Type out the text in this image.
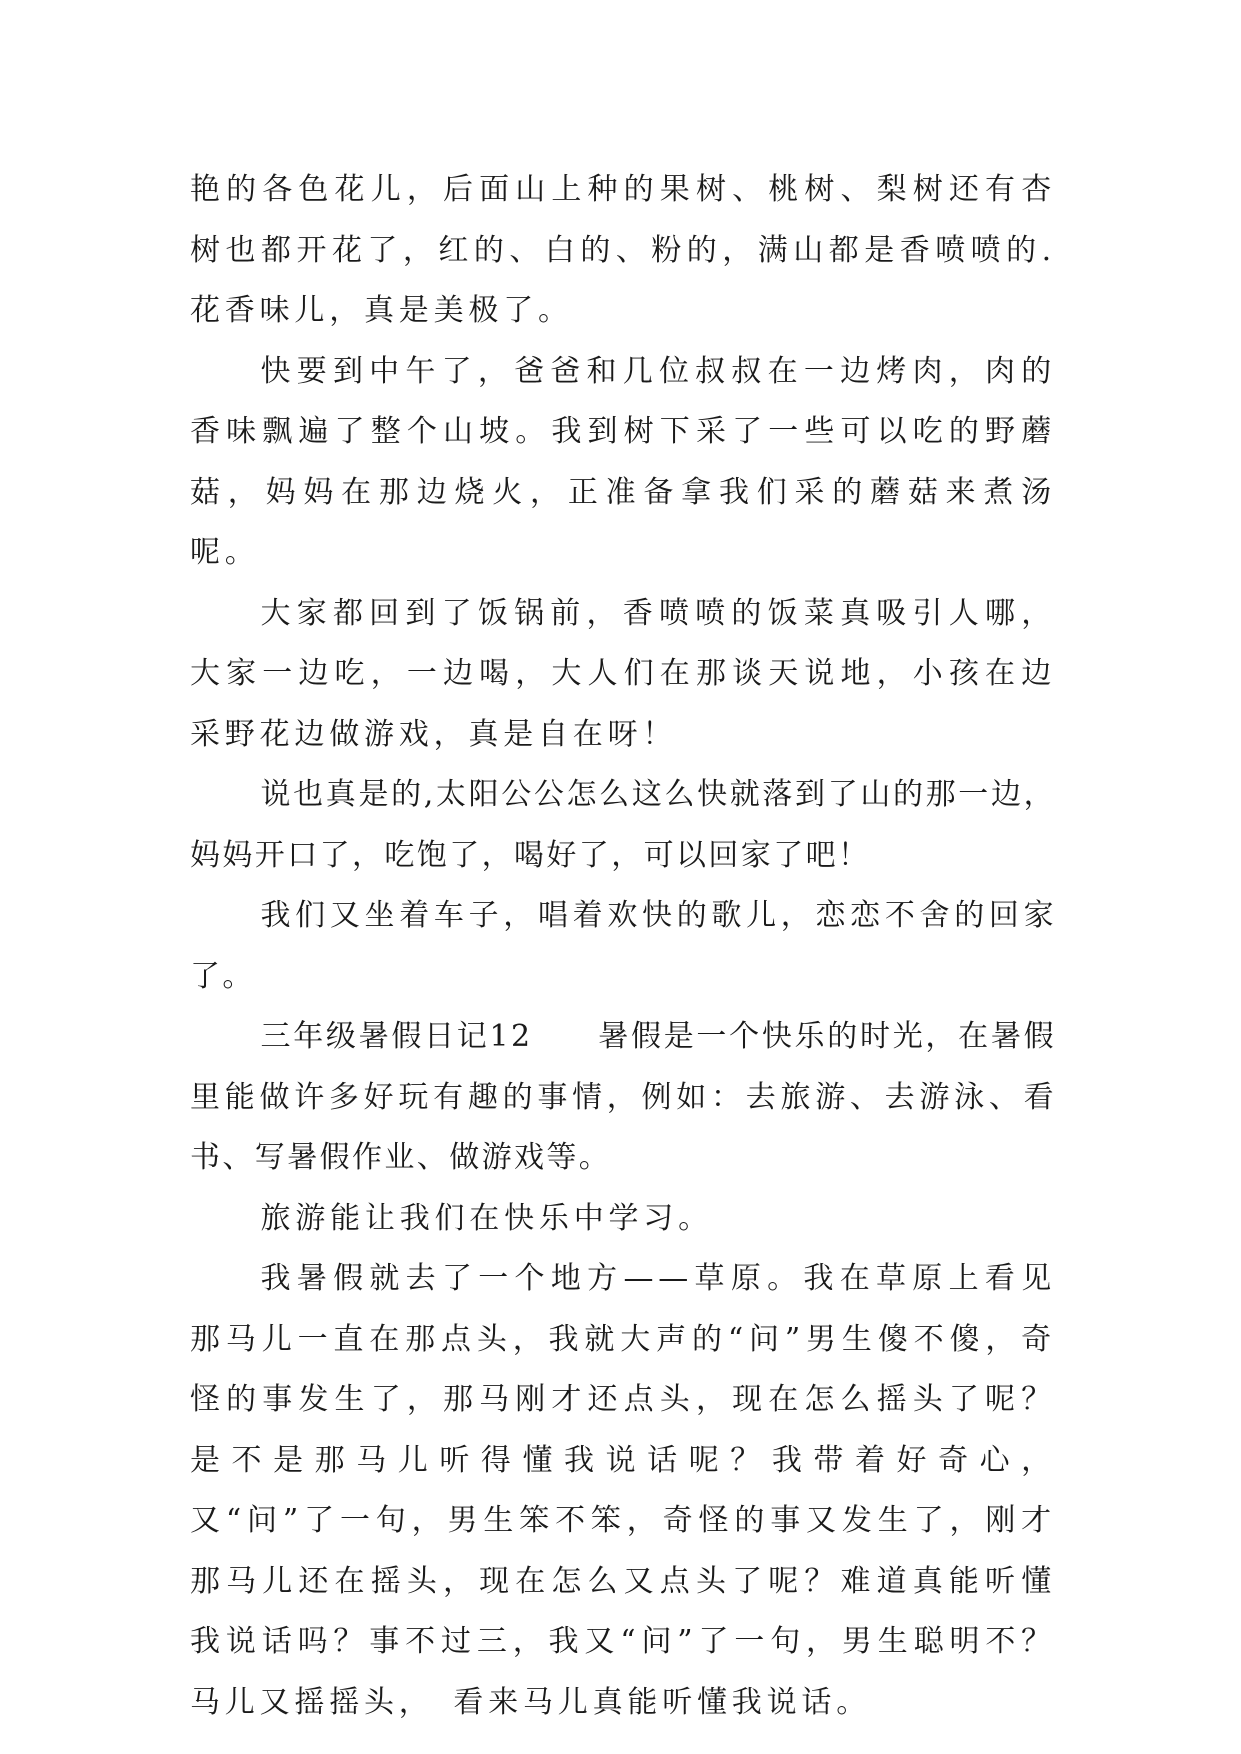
艳的各色花儿，后面山上种的果树、桃树、梨树还有杏树也都开花了，红的、白的、粉的，满山都是香喷喷的.花香味儿，真是美极了。

快要到中午了，爸爸和几位叔叔在一边烤肉，肉的香味飘遍了整个山坡。我到树下采了一些可以吃的野蘑菇，妈妈在那边烧火，正准备拿我们采的蘑菇来煮汤呢。

大家都回到了饭锅前，香喷喷的饭菜真吸引人哪，大家一边吃，一边喝，大人们在那谈天说地，小孩在边采野花边做游戏，真是自在呀！

说也真是的,太阳公公怎么这么快就落到了山的那一边，妈妈开口了，吃饱了，喝好了，可以回家了吧！

我们又坐着车子，唱着欢快的歌儿，恋恋不舍的回家了。

三年级暑假日记12　　暑假是一个快乐的时光，在暑假里能做许多好玩有趣的事情，例如：去旅游、去游泳、看书、写暑假作业、做游戏等。

旅游能让我们在快乐中学习。

我暑假就去了一个地方——草原。我在草原上看见那马儿一直在那点头，我就大声的“问”男生傻不傻，奇怪的事发生了，那马刚才还点头，现在怎么摇头了呢？是不是那马儿听得懂我说话呢？我带着好奇心，又“问”了一句，男生笨不笨，奇怪的事又发生了，刚才那马儿还在摇头，现在怎么又点头了呢？难道真能听懂我说话吗？事不过三，我又“问”了一句，男生聪明不？马儿又摇摇头，　看来马儿真能听懂我说话。
